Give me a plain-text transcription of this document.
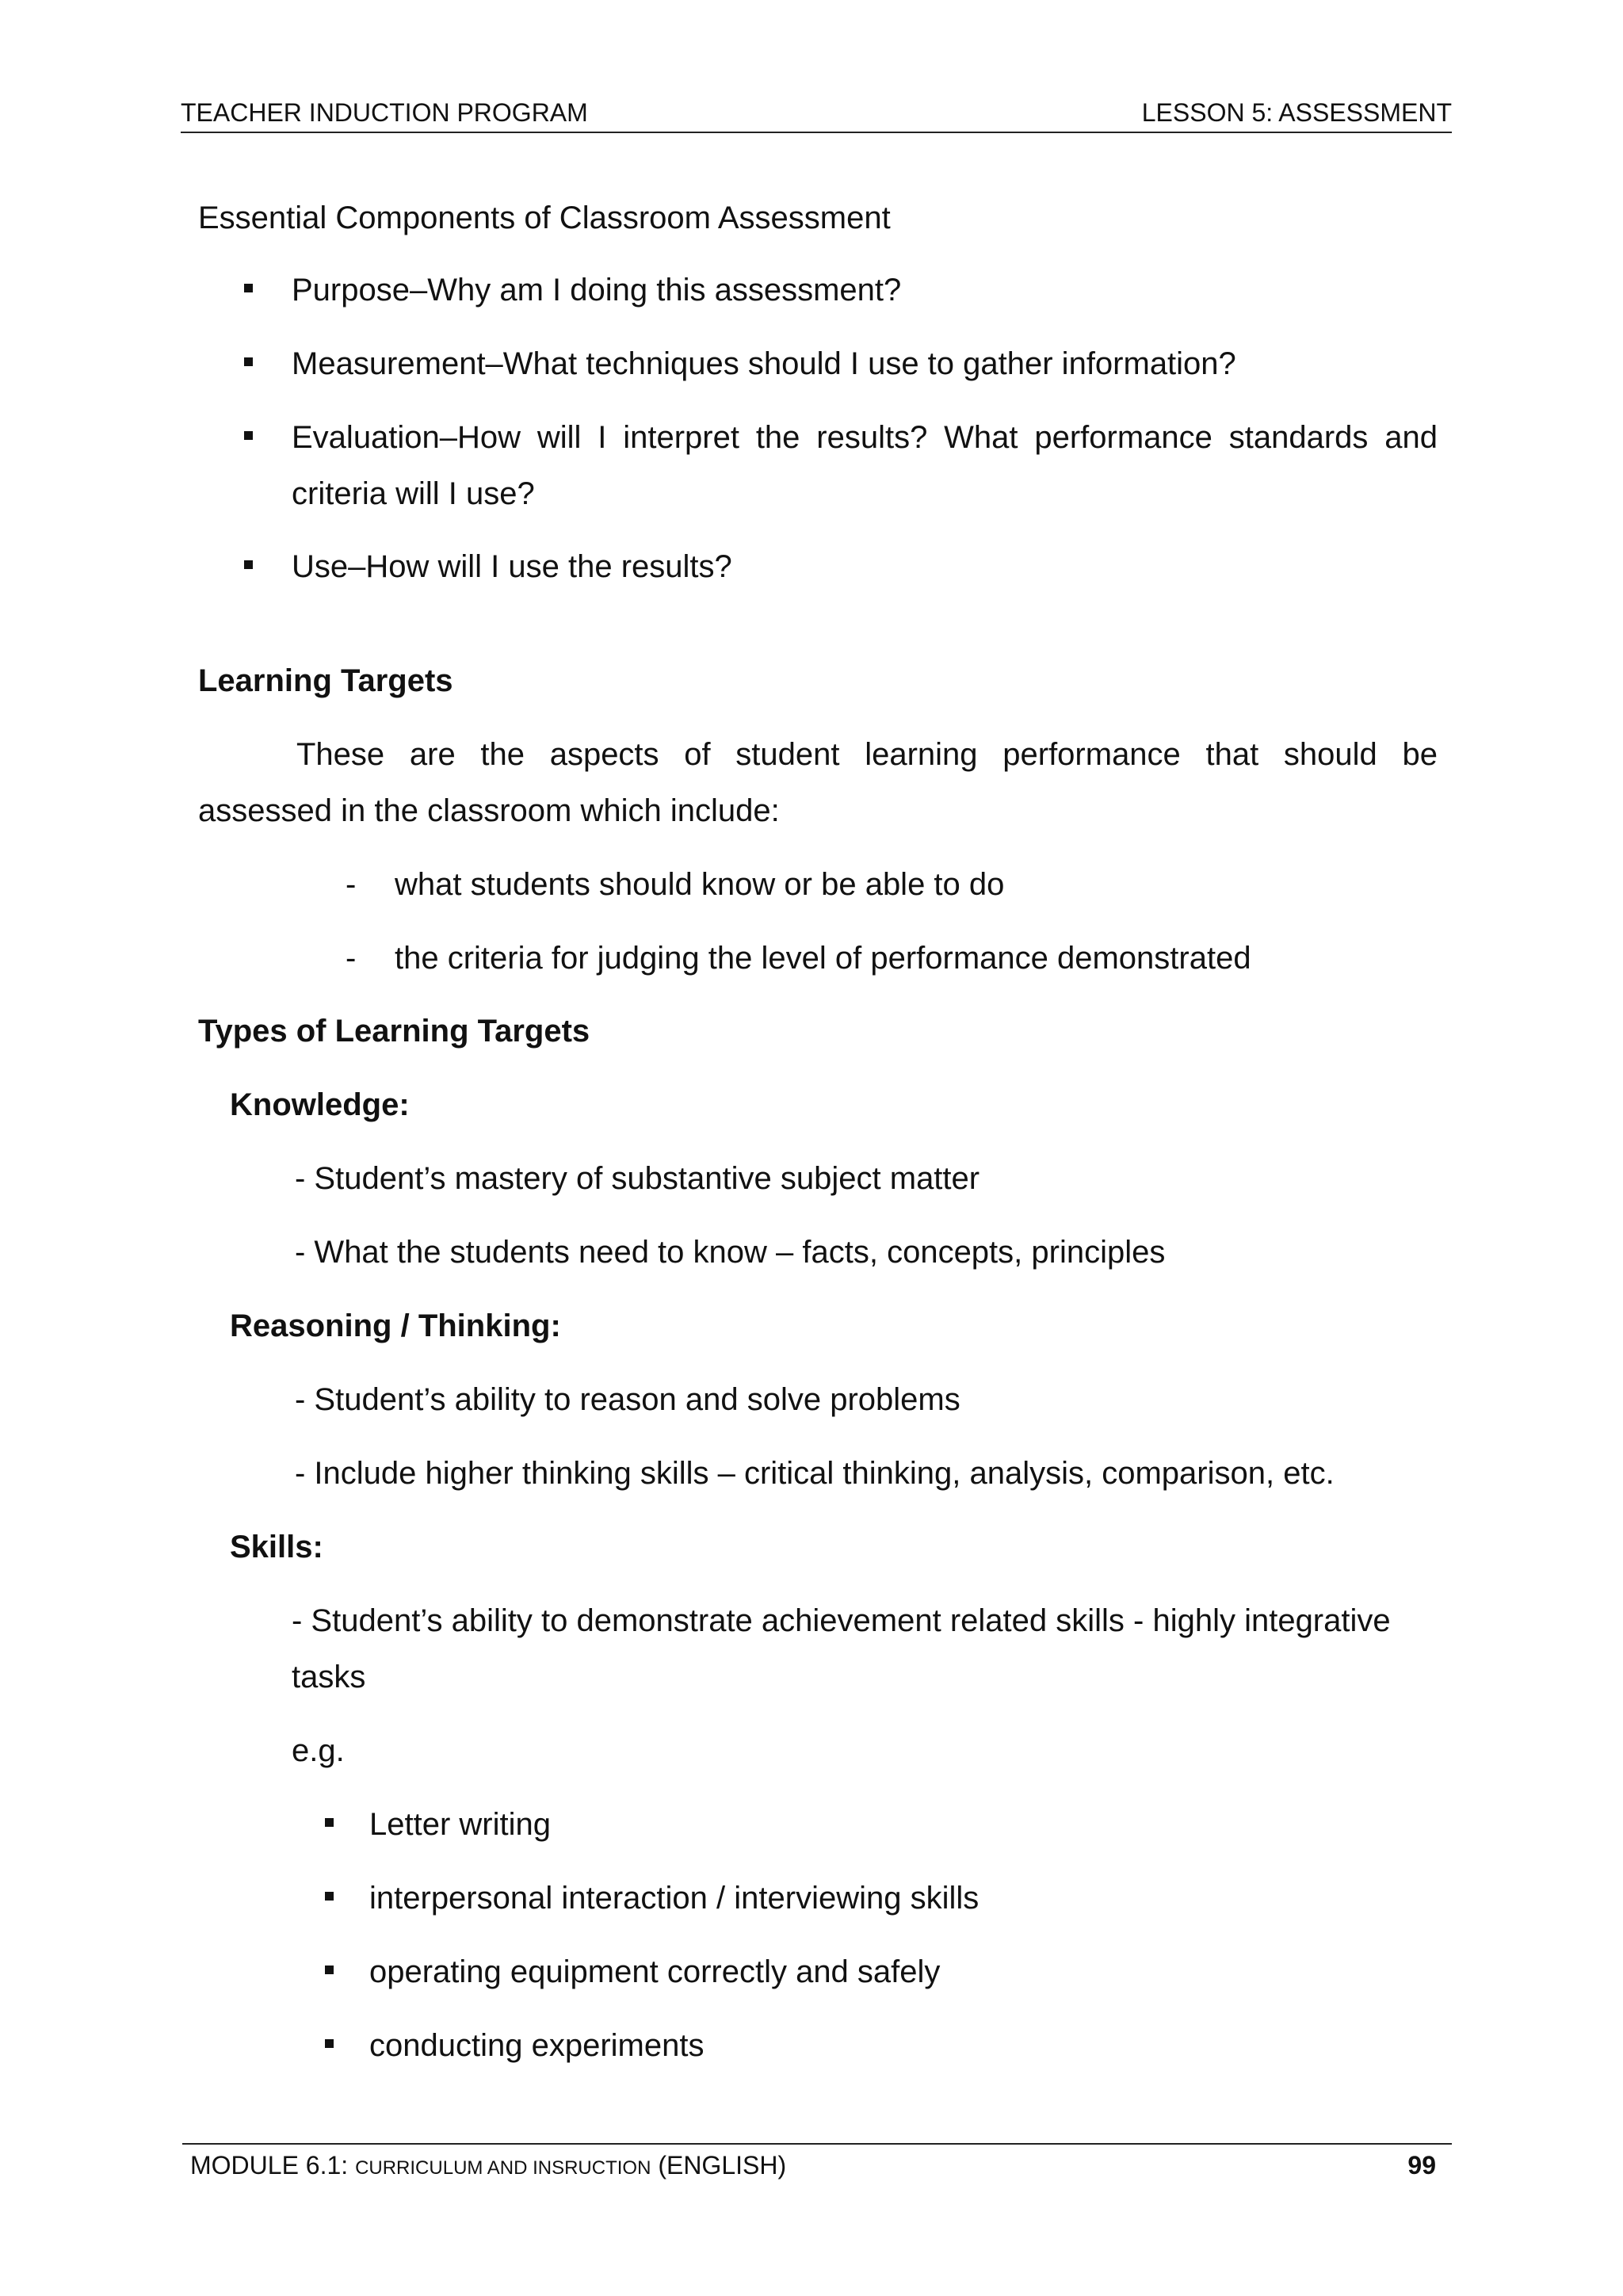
TEACHER INDUCTION PROGRAM	LESSON 5: ASSESSMENT
Essential Components of Classroom Assessment
Purpose–Why am I doing this assessment?
Measurement–What techniques should I use to gather information?
Evaluation–How will I interpret the results? What performance standards and
criteria will I use?
Use–How will I use the results?
Learning Targets
These are the aspects of student learning performance that should be
assessed in the classroom which include:
- what students should know or be able to do
- the criteria for judging the level of performance demonstrated
Types of Learning Targets
Knowledge:
- Student’s mastery of substantive subject matter
- What the students need to know – facts, concepts, principles
Reasoning / Thinking:
- Student’s ability to reason and solve problems
- Include higher thinking skills – critical thinking, analysis, comparison, etc.
Skills:
- Student’s ability to demonstrate achievement related skills - highly integrative
tasks
e.g.
Letter writing
interpersonal interaction / interviewing skills
operating equipment correctly and safely
conducting experiments
MODULE 6.1: CURRICULUM AND INSRUCTION (ENGLISH)	99
